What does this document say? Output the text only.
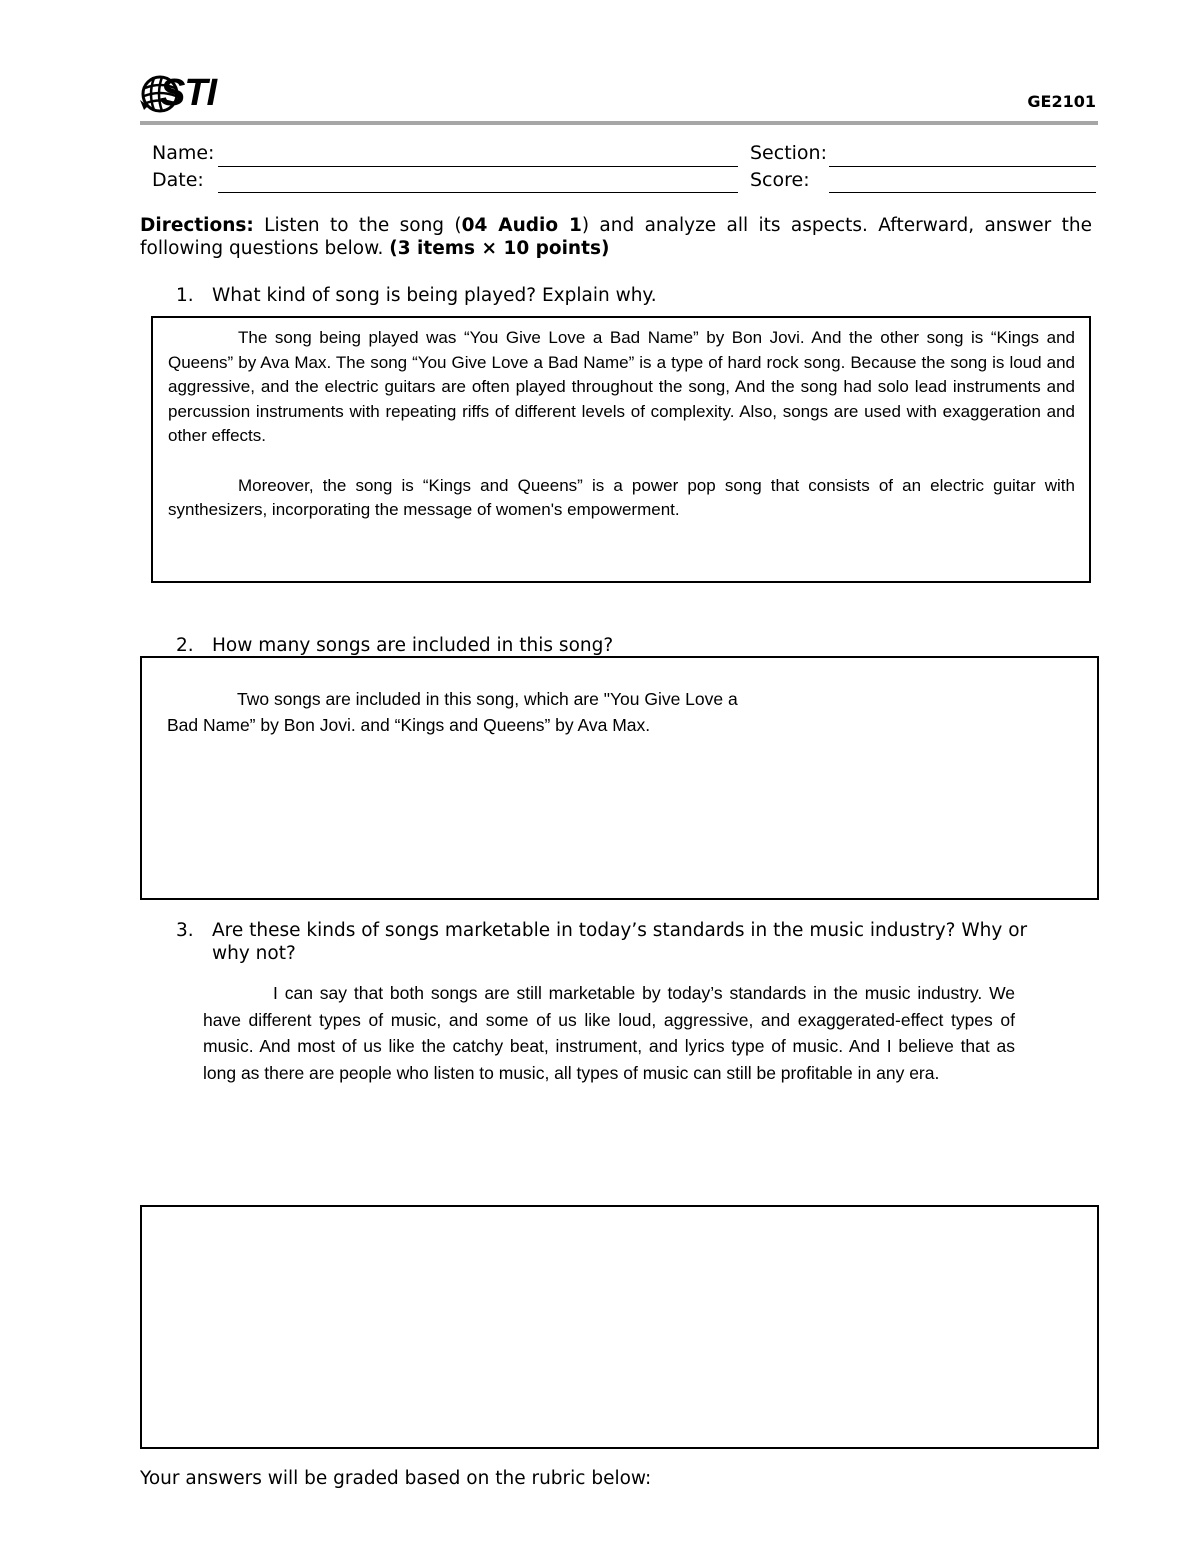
STI	GE2101
Name:	Section:
Date:	Score:
Directions: Listen to the song (04 Audio 1) and analyze all its aspects. Afterward, answer the following questions below. (3 items × 10 points)
1. What kind of song is being played? Explain why.

The song being played was “You Give Love a Bad Name” by Bon Jovi. And the other song is “Kings and Queens” by Ava Max. The song “You Give Love a Bad Name” is a type of hard rock song. Because the song is loud and aggressive, and the electric guitars are often played throughout the song, And the song had solo lead instruments and percussion instruments with repeating riffs of different levels of complexity. Also, songs are used with exaggeration and other effects.

Moreover, the song is “Kings and Queens” is a power pop song that consists of an electric guitar with synthesizers, incorporating the message of women's empowerment.

2. How many songs are included in this song?
Two songs are included in this song, which are "You Give Love a
Bad Name” by Bon Jovi. and “Kings and Queens” by Ava Max.
3. Are these kinds of songs marketable in today’s standards in the music industry? Why or
why not?

I can say that both songs are still marketable by today’s standards in the music industry. We have different types of music, and some of us like loud, aggressive, and exaggerated-effect types of music. And most of us like the catchy beat, instrument, and lyrics type of music. And I believe that as long as there are people who listen to music, all types of music can still be profitable in any era.

Your answers will be graded based on the rubric below:
